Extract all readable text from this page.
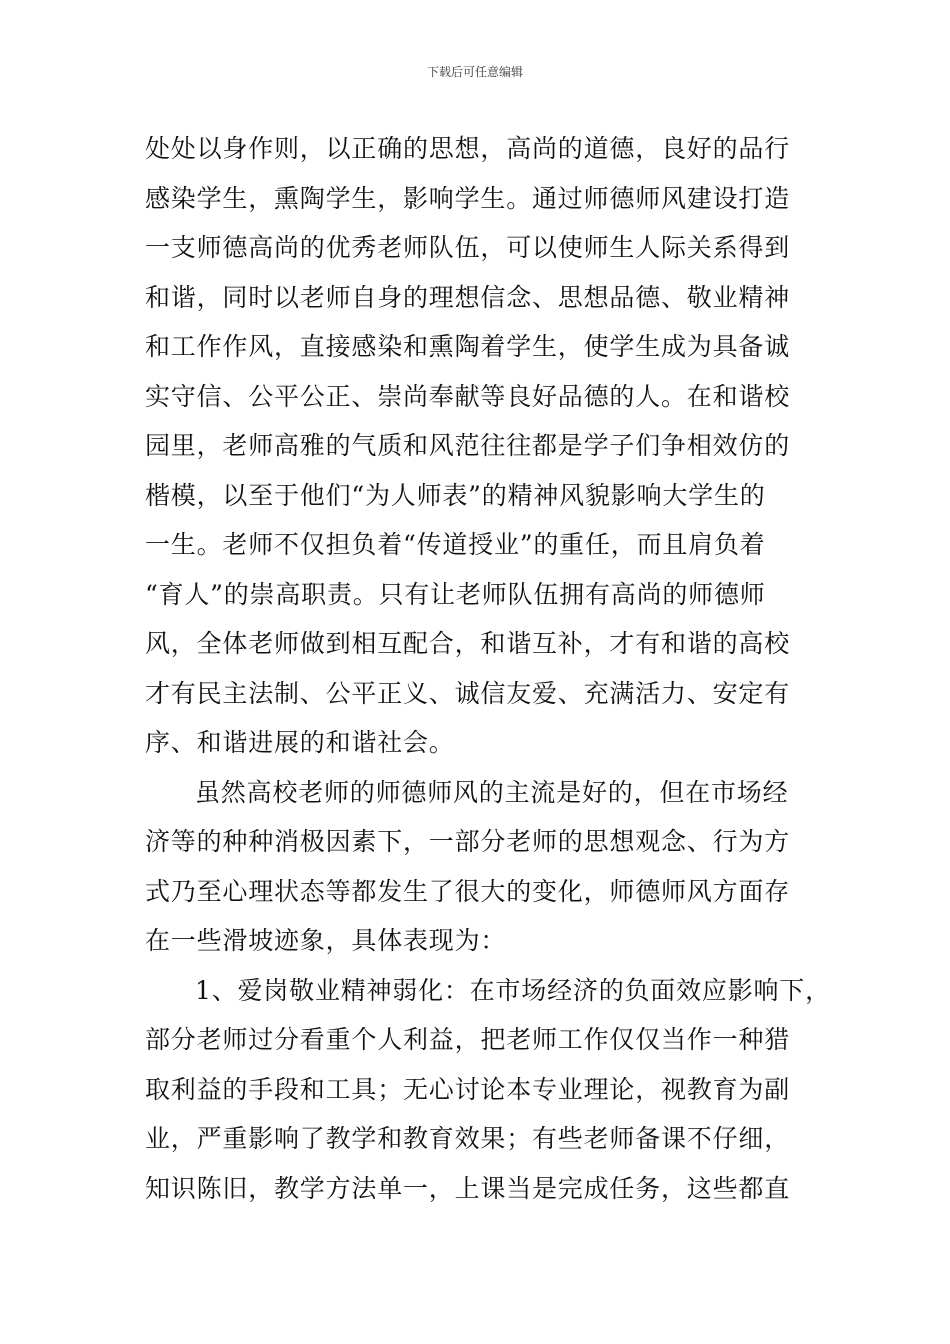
下载后可任意编辑
处处以身作则，以正确的思想，高尚的道德，良好的品行
感染学生，熏陶学生，影响学生。通过师德师风建设打造
一支师德高尚的优秀老师队伍，可以使师生人际关系得到
和谐，同时以老师自身的理想信念、思想品德、敬业精神
和工作作风，直接感染和熏陶着学生，使学生成为具备诚
实守信、公平公正、崇尚奉献等良好品德的人。在和谐校
园里，老师高雅的气质和风范往往都是学子们争相效仿的
楷模，以至于他们“为人师表”的精神风貌影响大学生的
一生。老师不仅担负着“传道授业”的重任，而且肩负着
“育人”的崇高职责。只有让老师队伍拥有高尚的师德师
风，全体老师做到相互配合，和谐互补，才有和谐的高校
才有民主法制、公平正义、诚信友爱、充满活力、安定有
序、和谐进展的和谐社会。
虽然高校老师的师德师风的主流是好的，但在市场经
济等的种种消极因素下，一部分老师的思想观念、行为方
式乃至心理状态等都发生了很大的变化，师德师风方面存
在一些滑坡迹象，具体表现为：
1、爱岗敬业精神弱化：在市场经济的负面效应影响下，
部分老师过分看重个人利益，把老师工作仅仅当作一种猎
取利益的手段和工具；无心讨论本专业理论，视教育为副
业，严重影响了教学和教育效果；有些老师备课不仔细，
知识陈旧，教学方法单一，上课当是完成任务，这些都直
